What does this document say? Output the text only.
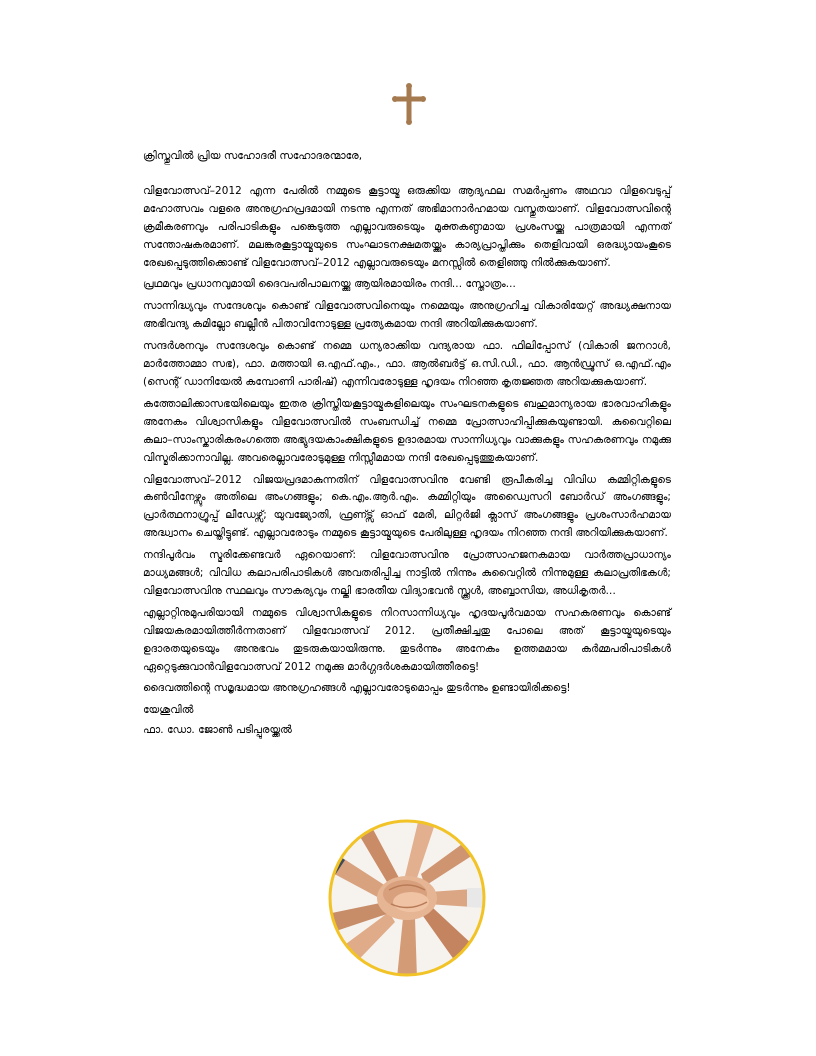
ക്രിസ്തുവിൽ പ്രിയ സഹോദരീ സഹോദരന്മാരേ,

വിളവോത്സവ്–2012 എന്ന പേരിൽ നമ്മുടെ കൂട്ടായ്മ ഒരുക്കിയ ആദ്യഫല സമർപ്പണം അഥവാ വിളവെടുപ്പ് മഹോത്സവം വളരെ അനുഗ്രഹപ്രദമായി നടന്നു എന്നത് അഭിമാനാർഹമായ വസ്തുതയാണ്. വിളവോത്സവിന്റെ ക്രമീകരണവും പരിപാടികളും പങ്കെടുത്ത എല്ലാവരുടെയും മുക്തകണ്ഠമായ പ്രശംസയ്ക്കു പാത്രമായി എന്നത് സന്തോഷകരമാണ്. മലങ്കരകൂട്ടായ്മയുടെ സംഘാടനക്ഷമതയ്ക്കും കാര്യപ്രാപ്തിക്കും തെളിവായി ഒരദ്ധ്യായംകൂടെ രേഖപ്പെടുത്തിക്കൊണ്ട് വിളവോത്സവ്–2012 എല്ലാവരുടെയും മനസ്സിൽ തെളിഞ്ഞു നിൽക്കുകയാണ്.

പ്രഥമവും പ്രധാനവുമായി ദൈവപരിപാലനയ്ക്കു ആയിരമായിരം നന്ദി... സ്തോത്രം...

സാന്നിദ്ധ്യവും സന്ദേശവും കൊണ്ട് വിളവോത്സവിനെയും നമ്മെയും അനുഗ്രഹിച്ച വികാരിയേറ്റ് അദ്ധ്യക്ഷനായ അഭിവന്ദ്യ കമില്ലോ ബല്ലീൻ പിതാവിനോടുള്ള പ്രത്യേകമായ നന്ദി അറിയിക്കുകയാണ്.

സന്ദർശനവും സന്ദേശവും കൊണ്ട് നമ്മെ ധന്യരാക്കിയ വന്ദ്യരായ ഫാ. ഫിലിപ്പോസ് (വികാരി ജനറാൾ, മാർത്തോമ്മാ സഭ), ഫാ. മത്തായി ഒ.എഫ്.എം., ഫാ. ആൽബർട്ട് ഒ.സി.ഡി., ഫാ. ആൻഡ്രൂസ് ഒ.എഫ്.എം (സെന്റ് ഡാനിയേൽ കമ്പോണി പാരിഷ്) എന്നിവരോടുള്ള ഹൃദയം നിറഞ്ഞ കൃതജ്ഞത അറിയക്കുകയാണ്.

കത്തോലിക്കാസഭയിലെയും ഇതര ക്രിസ്തീയകൂട്ടായ്മകളിലെയും സംഘടനകളുടെ ബഹുമാന്യരായ ഭാരവാഹികളും അനേകം വിശ്വാസികളും വിളവോത്സവിൽ സംബന്ധിച്ച് നമ്മെ പ്രോത്സാഹിപ്പിക്കുകയുണ്ടായി. കുവൈറ്റിലെ കലാ–സാംസ്കാരികരംഗത്തെ അഭ്യുദയകാംക്ഷികളുടെ ഉദാരമായ സാന്നിധ്യവും വാക്കുകളും സഹകരണവും നമുക്കു വിസ്മരിക്കാനാവില്ല. അവരെല്ലാവരോടുമുള്ള നിസ്സീമമായ നന്ദി രേഖപ്പെടുത്തുകയാണ്.

വിളവോത്സവ്–2012 വിജയപ്രദമാകുന്നതിന് വിളവോത്സവിനു വേണ്ടി രൂപീകരിച്ച വിവിധ കമ്മിറ്റികളുടെ കൺവീനേഴ്സും അതിലെ അംഗങ്ങളും; കെ.എം.ആർ.എം. കമ്മിറ്റിയും അഡ്വൈസറി ബോർഡ് അംഗങ്ങളും; പ്രാർത്ഥനാഗ്രൂപ്പ് ലീഡേഴ്സ്; യുവജ്യോതി, ഫ്രണ്ട്സ് ഓഫ് മേരി, ലിറ്റർജി ക്ലാസ് അംഗങ്ങളും പ്രശംസാർഹമായ അദ്ധ്വാനം ചെയ്തിട്ടുണ്ട്. എല്ലാവരോടും നമ്മുടെ കൂട്ടായ്മയുടെ പേരിലുള്ള ഹൃദയം നിറഞ്ഞ നന്ദി അറിയിക്കുകയാണ്.

നന്ദിപൂർവം സ്മരിക്കേണ്ടവർ ഏറെയാണ്: വിളവോത്സവിനു പ്രോത്സാഹജനകമായ വാർത്തപ്രാധാന്യം മാധ്യമങ്ങൾ; വിവിധ കലാപരിപാടികൾ അവതരിപ്പിച്ച നാട്ടിൽ നിന്നും കുവൈറ്റിൽ നിന്നുമുള്ള കലാപ്രതിഭകൾ; വിളവോത്സവിനു സ്ഥലവും സൗകര്യവും നല്കി ഭാരതീയ വിദ്യാഭവൻ സ്ക്കൂൾ, അബ്ബാസിയ, അധികൃതർ...

എല്ലാറ്റിനുമുപരിയായി നമ്മുടെ വിശ്വാസികളുടെ നിറസാന്നിധ്യവും ഹൃദയപൂർവമായ സഹകരണവും കൊണ്ട് വിജയകരമായിത്തീർന്നതാണ് വിളവോത്സവ് 2012. പ്രതീക്ഷിച്ചതു പോലെ അത് കൂട്ടായ്മയുടെയും ഉദാരതയുടെയും അനുഭവം തുടരുകയായിരുന്നു. തുടർന്നും അനേകം ഉത്തമമായ കർമ്മപരിപാടികൾ ഏറ്റെടുക്കുവാൻവിളവോത്സവ് 2012 നമുക്കു മാർഗ്ഗദർശകമായിത്തീരട്ടെ!

ദൈവത്തിന്റെ സമൃദ്ധമായ അനുഗ്രഹങ്ങൾ എല്ലാവരോടുമൊപ്പം തുടർന്നും ഉണ്ടായിരിക്കട്ടെ!

യേശുവിൽ

ഫാ. ഡോ. ജോൺ പടിപ്പുരയ്ക്കൽ
